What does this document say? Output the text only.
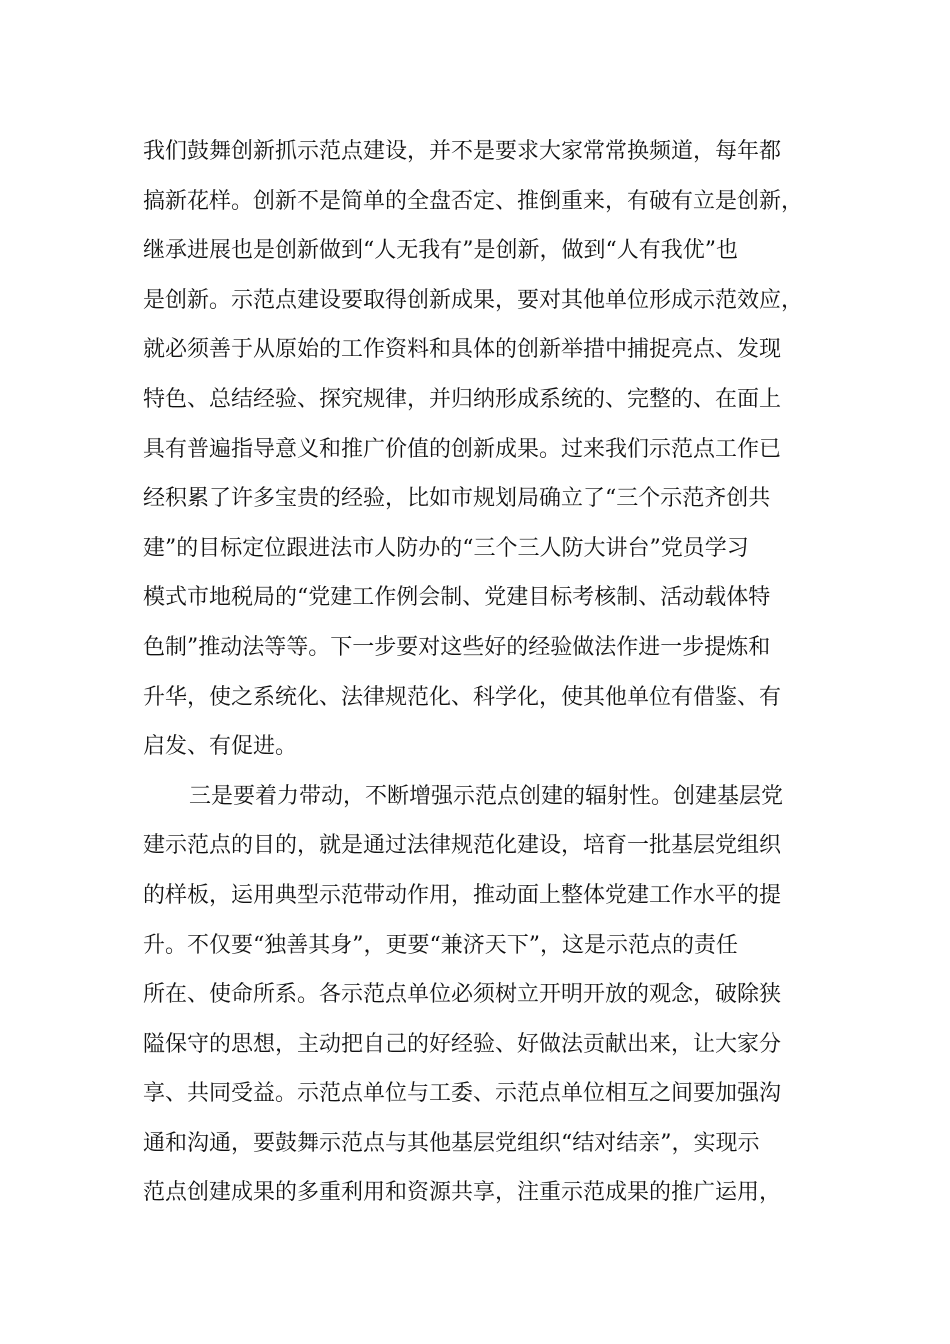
我们鼓舞创新抓示范点建设，并不是要求大家常常换频道，每年都
搞新花样。创新不是简单的全盘否定、推倒重来，有破有立是创新，
继承进展也是创新做到“人无我有”是创新，做到“人有我优”也
是创新。示范点建设要取得创新成果，要对其他单位形成示范效应，
就必须善于从原始的工作资料和具体的创新举措中捕捉亮点、发现
特色、总结经验、探究规律，并归纳形成系统的、完整的、在面上
具有普遍指导意义和推广价值的创新成果。过来我们示范点工作已
经积累了许多宝贵的经验，比如市规划局确立了“三个示范齐创共
建”的目标定位跟进法市人防办的“三个三人防大讲台”党员学习
模式市地税局的“党建工作例会制、党建目标考核制、活动载体特
色制”推动法等等。下一步要对这些好的经验做法作进一步提炼和
升华，使之系统化、法律规范化、科学化，使其他单位有借鉴、有
启发、有促进。
三是要着力带动，不断增强示范点创建的辐射性。创建基层党
建示范点的目的，就是通过法律规范化建设，培育一批基层党组织
的样板，运用典型示范带动作用，推动面上整体党建工作水平的提
升。不仅要“独善其身”，更要“兼济天下”，这是示范点的责任
所在、使命所系。各示范点单位必须树立开明开放的观念，破除狭
隘保守的思想，主动把自己的好经验、好做法贡献出来，让大家分
享、共同受益。示范点单位与工委、示范点单位相互之间要加强沟
通和沟通，要鼓舞示范点与其他基层党组织“结对结亲”，实现示
范点创建成果的多重利用和资源共享，注重示范成果的推广运用，
